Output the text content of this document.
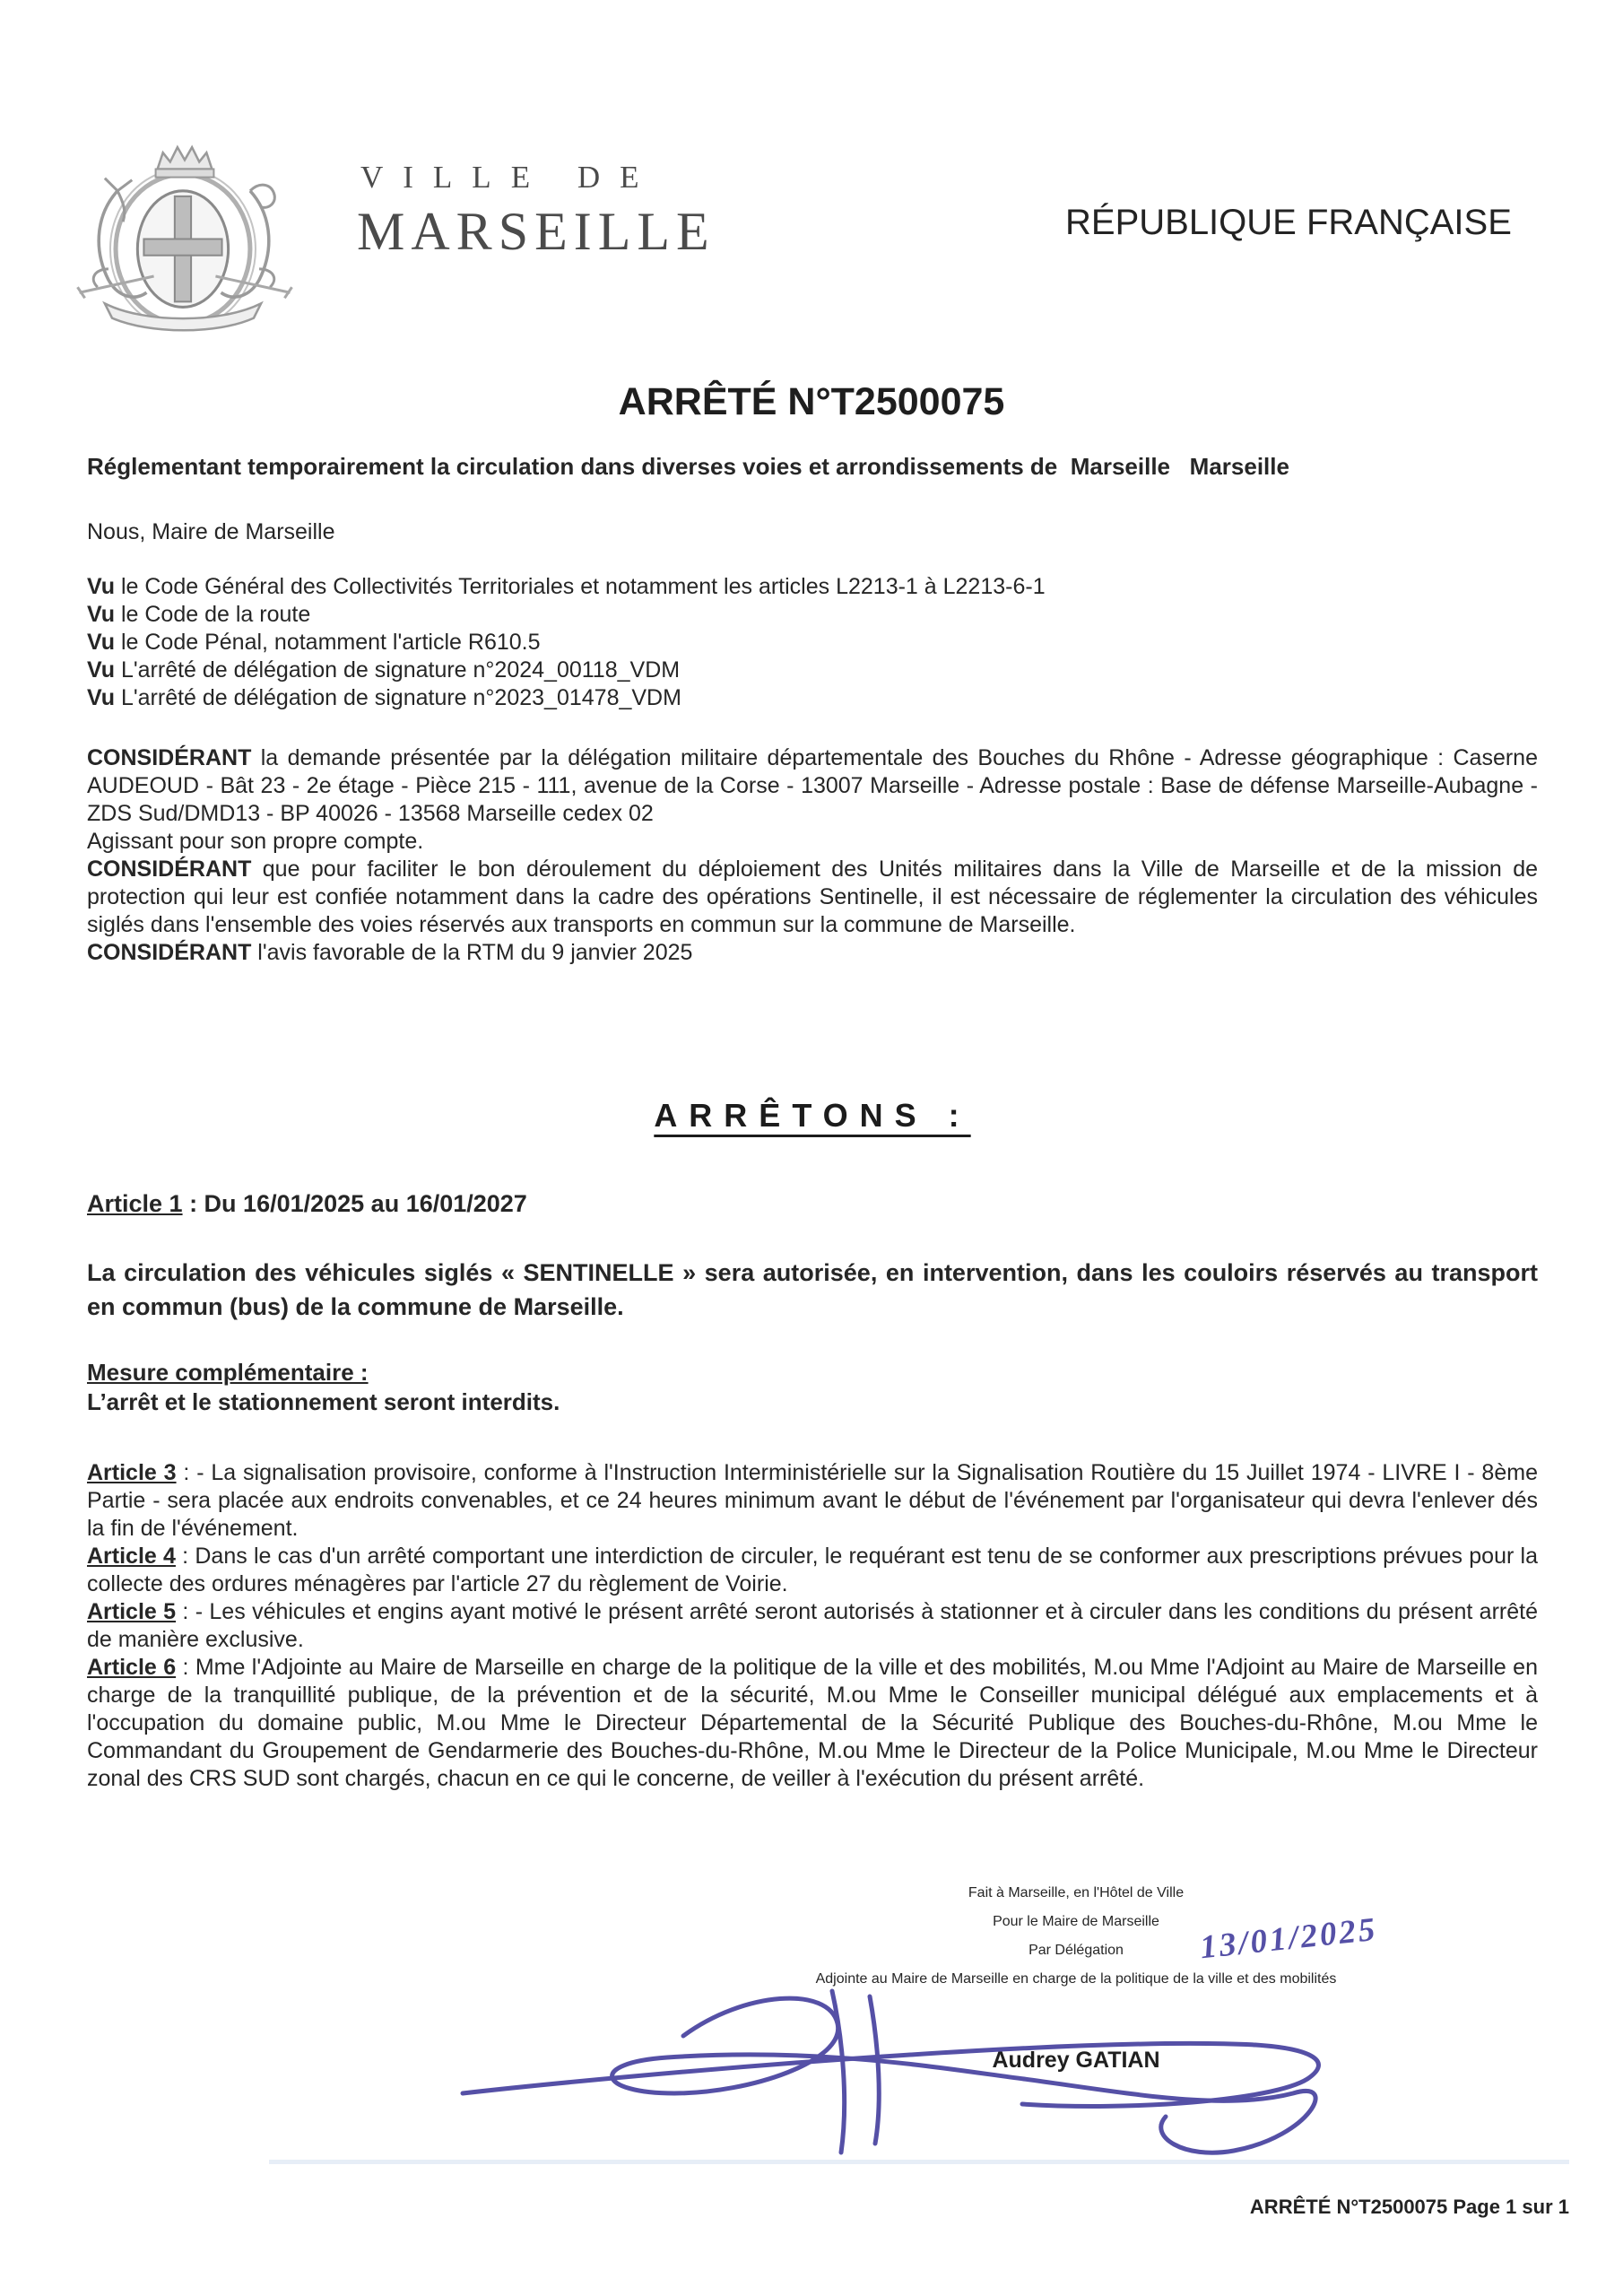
VILLE DE

MARSEILLE	RÉPUBLIQUE FRANÇAISE
ARRÊTÉ N°T2500075

Réglementant temporairement la circulation dans diverses voies et arrondissements de  Marseille   Marseille

Nous, Maire de Marseille

Vu le Code Général des Collectivités Territoriales et notamment les articles L2213-1 à L2213-6-1

Vu le Code de la route

Vu le Code Pénal, notamment l'article R610.5

Vu L'arrêté de délégation de signature n°2024_00118_VDM

Vu L'arrêté de délégation de signature n°2023_01478_VDM

CONSIDÉRANT la demande présentée par la délégation militaire départementale des Bouches du Rhône - Adresse géographique : Caserne AUDEOUD - Bât 23 - 2e étage - Pièce 215 - 111, avenue de la Corse - 13007 Marseille - Adresse postale : Base de défense Marseille-Aubagne - ZDS Sud/DMD13 - BP 40026 - 13568 Marseille cedex 02

Agissant pour son propre compte.

CONSIDÉRANT que pour faciliter le bon déroulement du déploiement des Unités militaires dans la Ville de Marseille et de la mission de protection qui leur est confiée notamment dans la cadre des opérations Sentinelle, il est nécessaire de réglementer la circulation des véhicules siglés dans l'ensemble des voies réservés aux transports en commun sur la commune de Marseille.

CONSIDÉRANT l'avis favorable de la RTM du 9 janvier 2025

ARRÊTONS :

Article 1 : Du 16/01/2025 au 16/01/2027

La circulation des véhicules siglés « SENTINELLE » sera autorisée, en intervention, dans les couloirs réservés au transport en commun (bus) de la commune de Marseille.

Mesure complémentaire :

L’arrêt et le stationnement seront interdits.

Article 3 : - La signalisation provisoire, conforme à l'Instruction Interministérielle sur la Signalisation Routière du 15 Juillet 1974 - LIVRE I - 8ème Partie - sera placée aux endroits convenables, et ce 24 heures minimum avant le début de l'événement par l'organisateur qui devra l'enlever dés la fin de l'événement.

Article 4 : Dans le cas d'un arrêté comportant une interdiction de circuler, le requérant est tenu de se conformer aux prescriptions prévues pour la collecte des ordures ménagères par l'article 27 du règlement de Voirie.

Article 5 : - Les véhicules et engins ayant motivé le présent arrêté seront autorisés à stationner et à circuler dans les conditions du présent arrêté de manière exclusive.

Article 6 : Mme l'Adjointe au Maire de Marseille en charge de la politique de la ville et des mobilités, M.ou Mme l'Adjoint au Maire de Marseille en charge de la tranquillité publique, de la prévention et de la sécurité, M.ou Mme le Conseiller municipal délégué aux emplacements et à l'occupation du domaine public, M.ou Mme le Directeur Départemental de la Sécurité Publique des Bouches-du-Rhône, M.ou Mme le Commandant du Groupement de Gendarmerie des Bouches-du-Rhône, M.ou Mme le Directeur de la Police Municipale, M.ou Mme le Directeur zonal des CRS SUD sont chargés, chacun en ce qui le concerne, de veiller à l'exécution du présent arrêté.

Fait à Marseille, en l'Hôtel de Ville

Pour le Maire de Marseille

Par Délégation

Adjointe au Maire de Marseille en charge de la politique de la ville et des mobilités

13/01/2025

Audrey GATIAN

ARRÊTÉ N°T2500075 Page 1 sur 1
